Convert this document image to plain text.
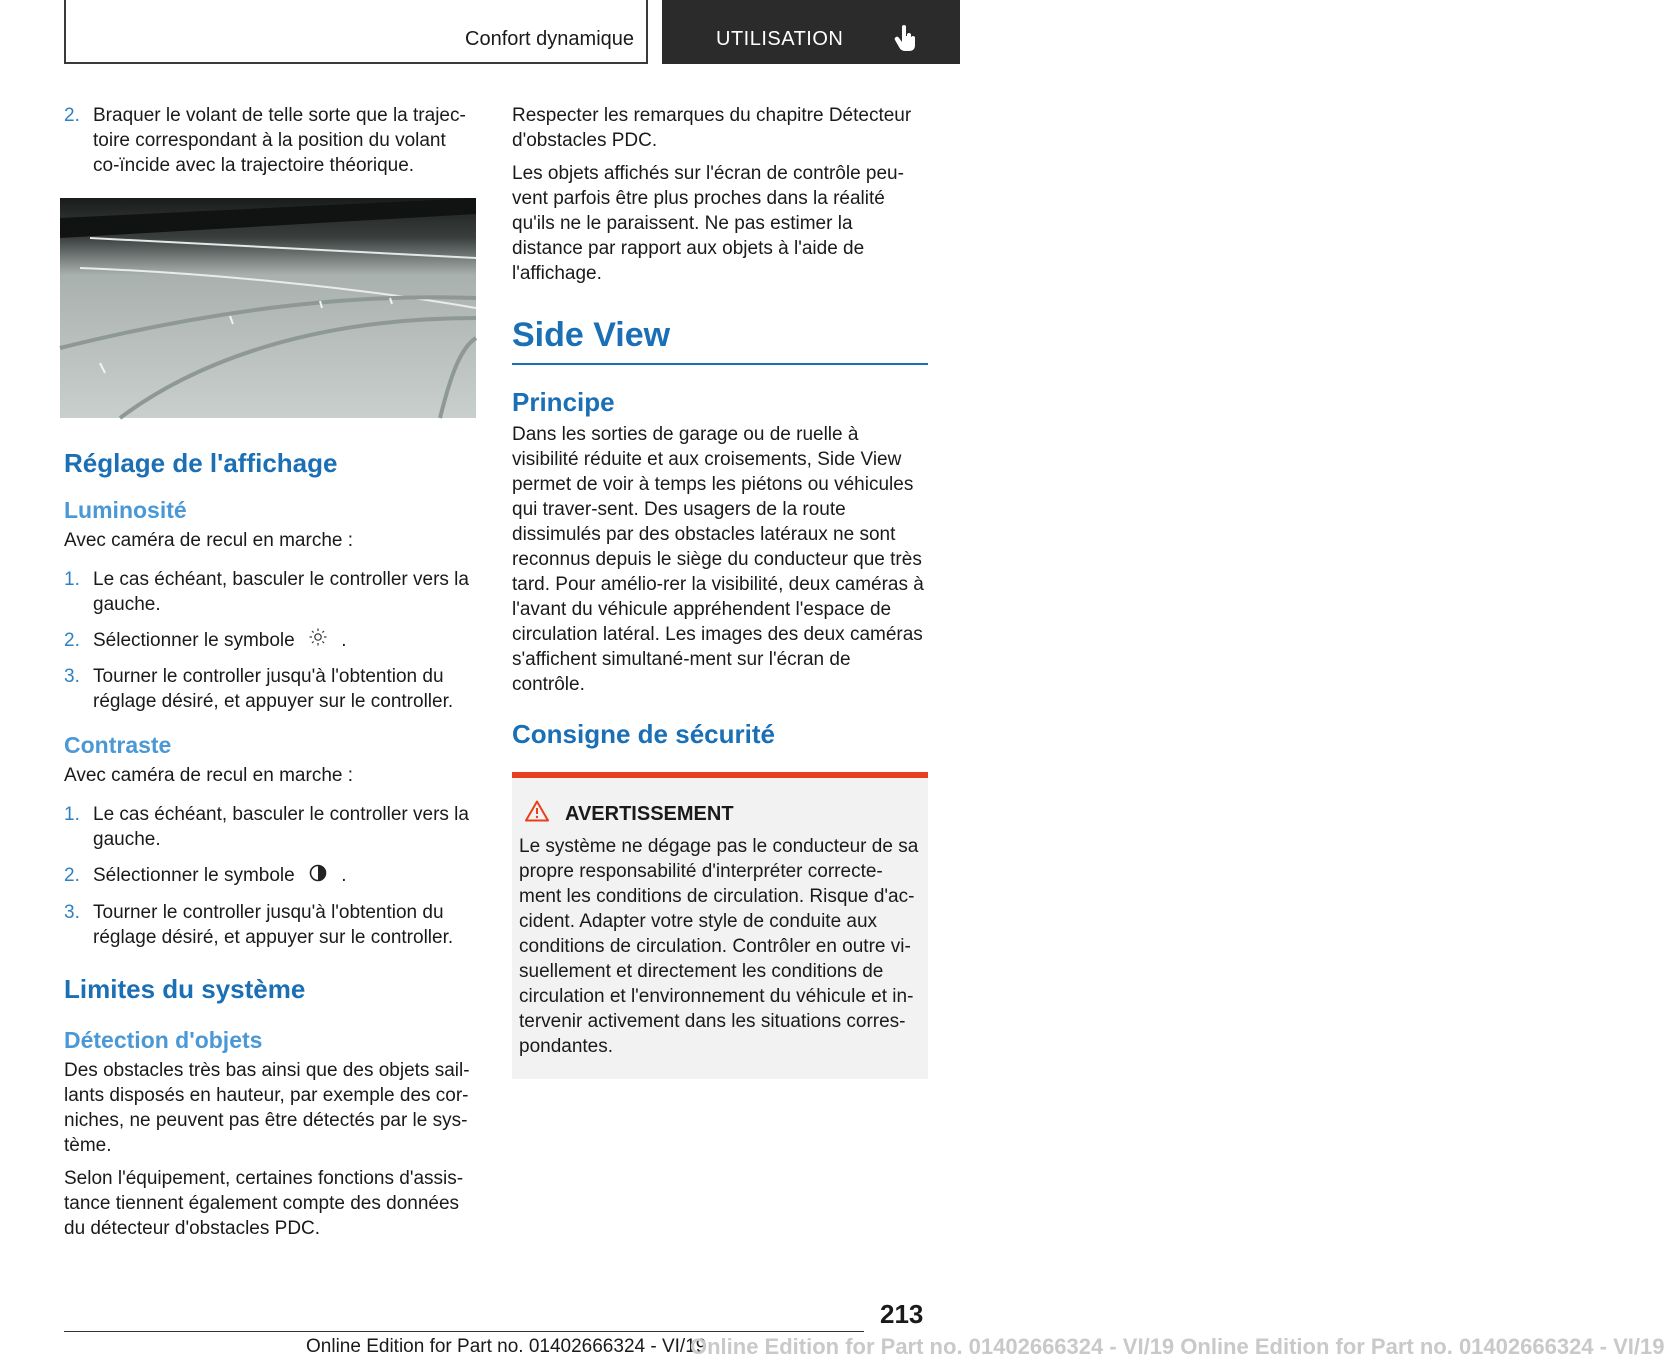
Confort dynamique	UTILISATION
2. Braquer le volant de telle sorte que la trajec-toire correspondant à la position du volant co-ïncide avec la trajectoire théorique.
Réglage de l'affichage
Luminosité

Avec caméra de recul en marche :

1. Le cas échéant, basculer le controller vers la gauche.
2. Sélectionner le symbole .
3. Tourner le controller jusqu'à l'obtention du réglage désiré, et appuyer sur le controller.
Contraste

Avec caméra de recul en marche :

1. Le cas échéant, basculer le controller vers la gauche.
2. Sélectionner le symbole .
3. Tourner le controller jusqu'à l'obtention du réglage désiré, et appuyer sur le controller.
Limites du système
Détection d'objets

Des obstacles très bas ainsi que des objets sail-lants disposés en hauteur, par exemple des cor-niches, ne peuvent pas être détectés par le sys-tème.

Selon l'équipement, certaines fonctions d'assis-tance tiennent également compte des données du détecteur d'obstacles PDC.

Respecter les remarques du chapitre Détecteur d'obstacles PDC.

Les objets affichés sur l'écran de contrôle peu-vent parfois être plus proches dans la réalité qu'ils ne le paraissent. Ne pas estimer la distance par rapport aux objets à l'aide de l'affichage.

Side View
Principe

Dans les sorties de garage ou de ruelle à visibilité réduite et aux croisements, Side View permet de voir à temps les piétons ou véhicules qui traver-sent. Des usagers de la route dissimulés par des obstacles latéraux ne sont reconnus depuis le siège du conducteur que très tard. Pour amélio-rer la visibilité, deux caméras à l'avant du véhicule appréhendent l'espace de circulation latéral. Les images des deux caméras s'affichent simultané-ment sur l'écran de contrôle.

Consigne de sécurité
AVERTISSEMENT

Le système ne dégage pas le conducteur de sa propre responsabilité d'interpréter correcte-ment les conditions de circulation. Risque d'ac-cident. Adapter votre style de conduite aux conditions de circulation. Contrôler en outre vi-suellement et directement les conditions de circulation et l'environnement du véhicule et in-tervenir activement dans les situations corres-pondantes.

213
Online Edition for Part no. 01402666324 - VI/19
Online Edition for Part no. 01402666324 - VI/19 Online Edition for Part no. 01402666324 - VI/19
